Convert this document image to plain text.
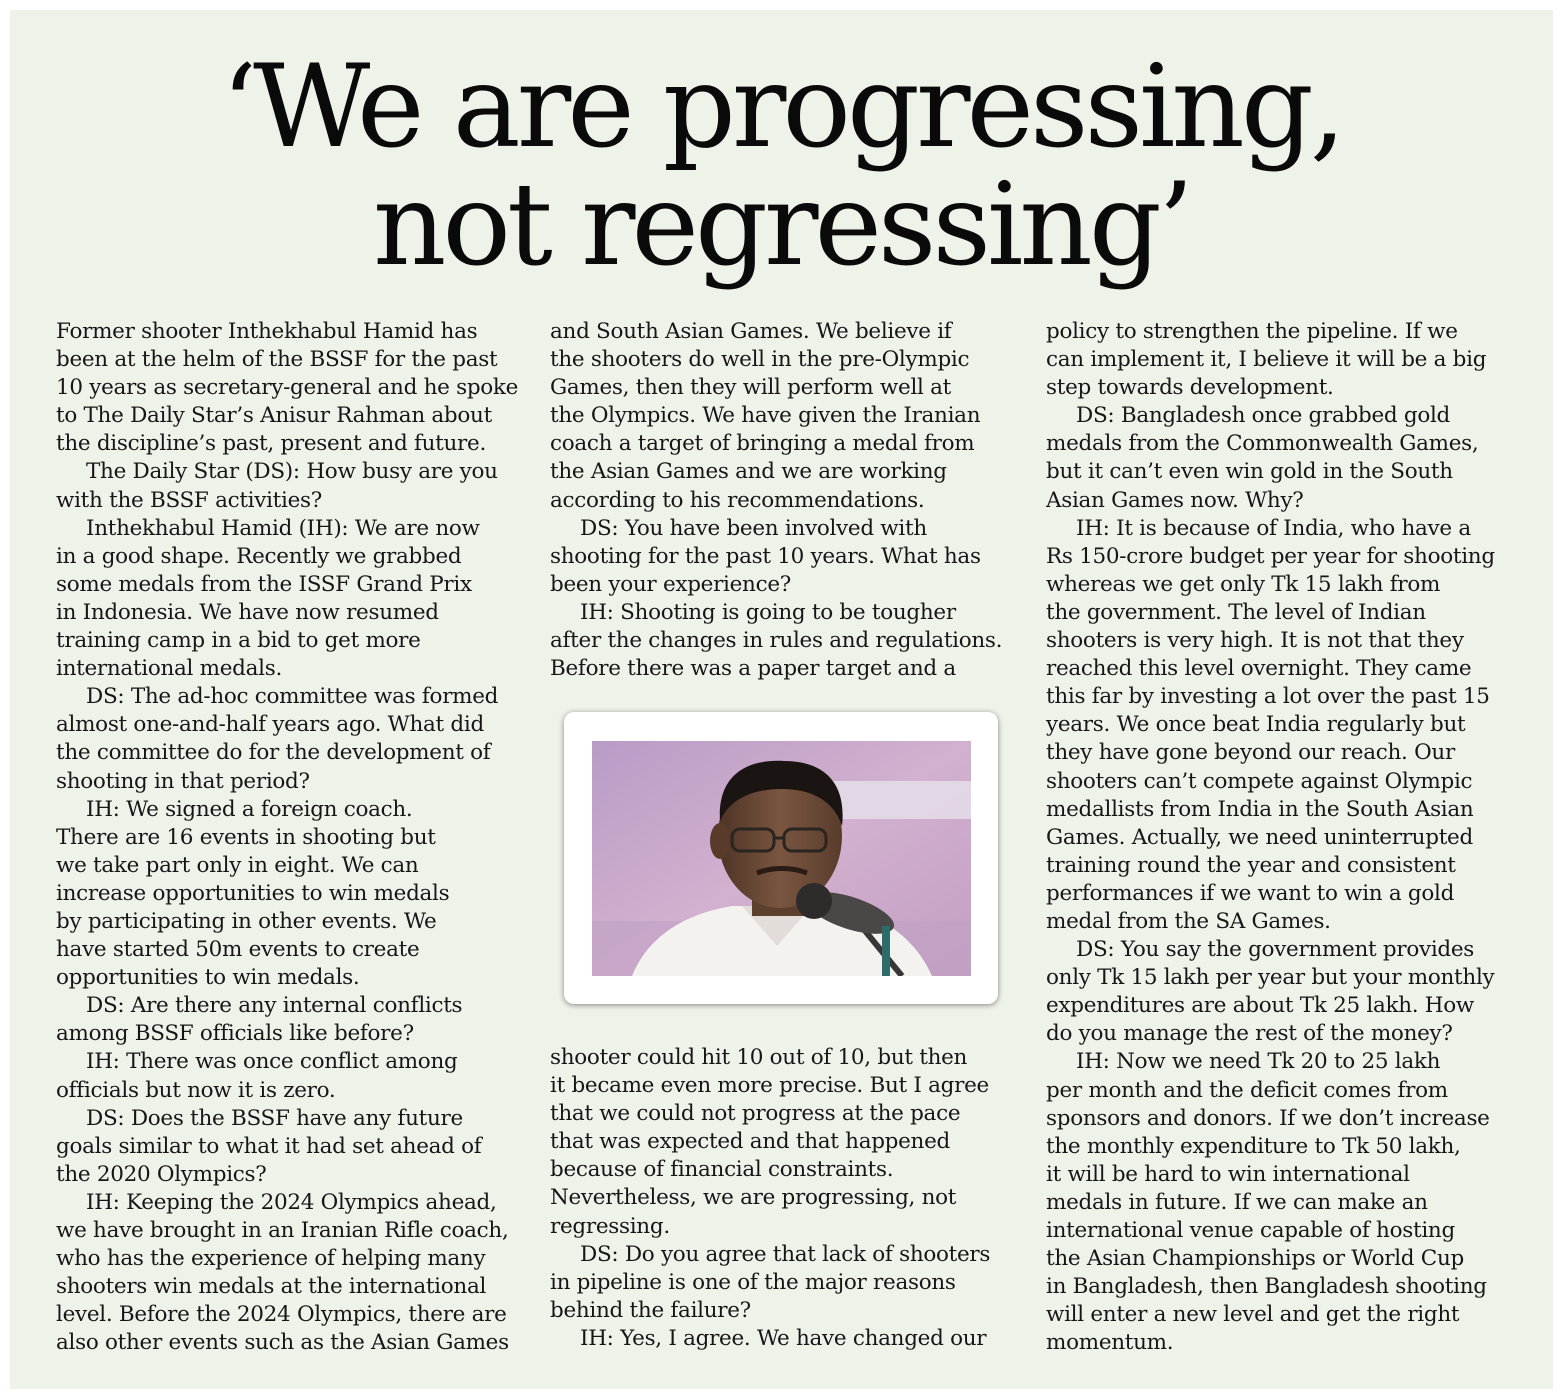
‘We are progressing,
not regressing’
Former shooter Inthekhabul Hamid has
been at the helm of the BSSF for the past
10 years as secretary-general and he spoke
to The Daily Star’s Anisur Rahman about
the discipline’s past, present and future.
The Daily Star (DS): How busy are you
with the BSSF activities?
Inthekhabul Hamid (IH): We are now
in a good shape. Recently we grabbed
some medals from the ISSF Grand Prix
in Indonesia. We have now resumed
training camp in a bid to get more
international medals.
DS: The ad-hoc committee was formed
almost one-and-half years ago. What did
the committee do for the development of
shooting in that period?
IH: We signed a foreign coach.
There are 16 events in shooting but
we take part only in eight. We can
increase opportunities to win medals
by participating in other events. We
have started 50m events to create
opportunities to win medals.
DS: Are there any internal conflicts
among BSSF officials like before?
IH: There was once conflict among
officials but now it is zero.
DS: Does the BSSF have any future
goals similar to what it had set ahead of
the 2020 Olympics?
IH: Keeping the 2024 Olympics ahead,
we have brought in an Iranian Rifle coach,
who has the experience of helping many
shooters win medals at the international
level. Before the 2024 Olympics, there are
also other events such as the Asian Games
and South Asian Games. We believe if
the shooters do well in the pre-Olympic
Games, then they will perform well at
the Olympics. We have given the Iranian
coach a target of bringing a medal from
the Asian Games and we are working
according to his recommendations.
DS: You have been involved with
shooting for the past 10 years. What has
been your experience?
IH: Shooting is going to be tougher
after the changes in rules and regulations.
Before there was a paper target and a
shooter could hit 10 out of 10, but then
it became even more precise. But I agree
that we could not progress at the pace
that was expected and that happened
because of financial constraints.
Nevertheless, we are progressing, not
regressing.
DS: Do you agree that lack of shooters
in pipeline is one of the major reasons
behind the failure?
IH: Yes, I agree. We have changed our
policy to strengthen the pipeline. If we
can implement it, I believe it will be a big
step towards development.
DS: Bangladesh once grabbed gold
medals from the Commonwealth Games,
but it can’t even win gold in the South
Asian Games now. Why?
IH: It is because of India, who have a
Rs 150-crore budget per year for shooting
whereas we get only Tk 15 lakh from
the government. The level of Indian
shooters is very high. It is not that they
reached this level overnight. They came
this far by investing a lot over the past 15
years. We once beat India regularly but
they have gone beyond our reach. Our
shooters can’t compete against Olympic
medallists from India in the South Asian
Games. Actually, we need uninterrupted
training round the year and consistent
performances if we want to win a gold
medal from the SA Games.
DS: You say the government provides
only Tk 15 lakh per year but your monthly
expenditures are about Tk 25 lakh. How
do you manage the rest of the money?
IH: Now we need Tk 20 to 25 lakh
per month and the deficit comes from
sponsors and donors. If we don’t increase
the monthly expenditure to Tk 50 lakh,
it will be hard to win international
medals in future. If we can make an
international venue capable of hosting
the Asian Championships or World Cup
in Bangladesh, then Bangladesh shooting
will enter a new level and get the right
momentum.
